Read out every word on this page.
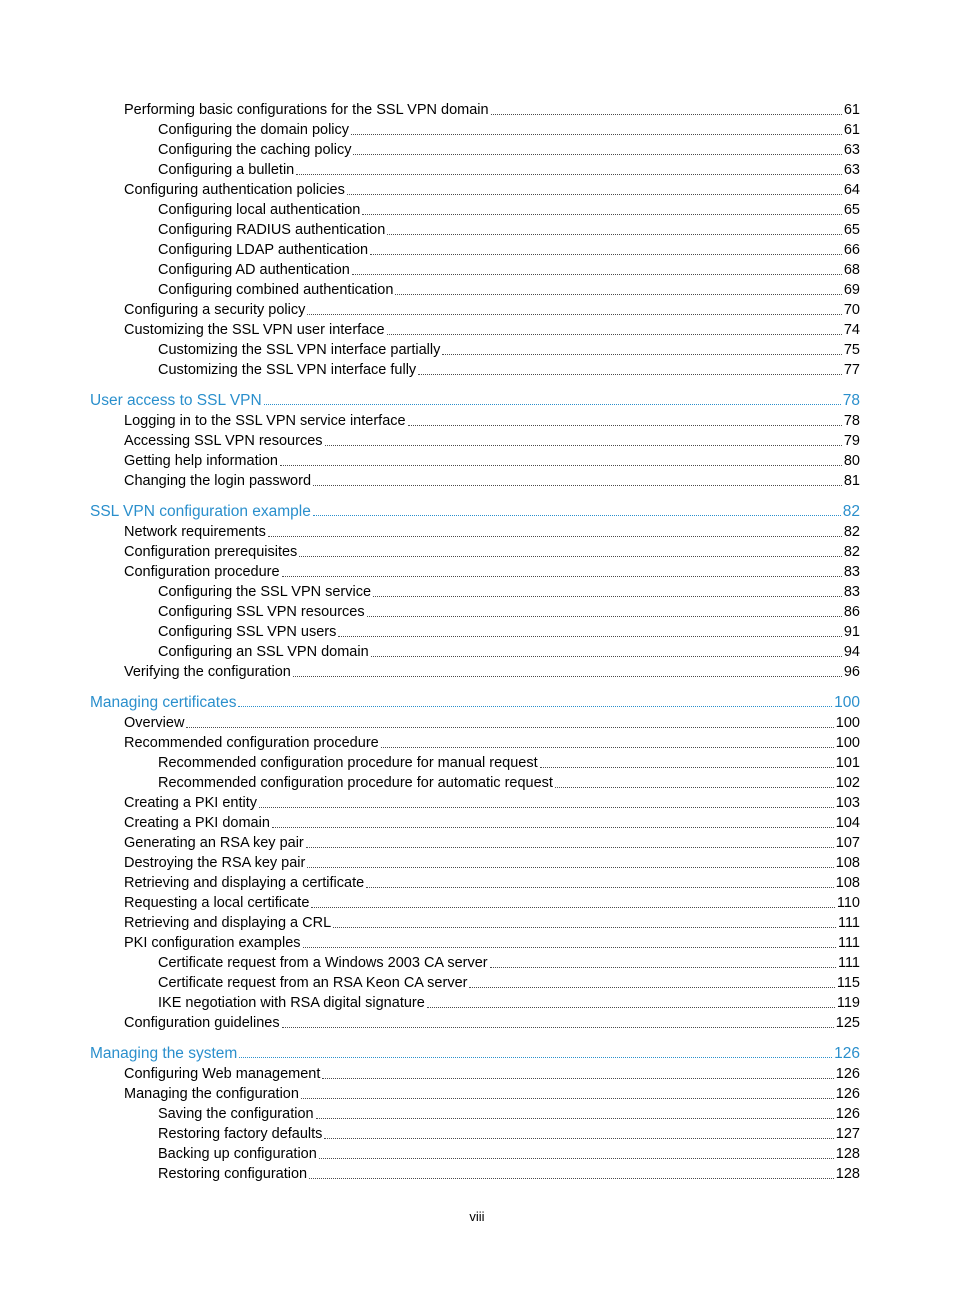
Performing basic configurations for the SSL VPN domain	61
Configuring the domain policy	61
Configuring the caching policy	63
Configuring a bulletin	63
Configuring authentication policies	64
Configuring local authentication	65
Configuring RADIUS authentication	65
Configuring LDAP authentication	66
Configuring AD authentication	68
Configuring combined authentication	69
Configuring a security policy	70
Customizing the SSL VPN user interface	74
Customizing the SSL VPN interface partially	75
Customizing the SSL VPN interface fully	77
User access to SSL VPN	78
Logging in to the SSL VPN service interface	78
Accessing SSL VPN resources	79
Getting help information	80
Changing the login password	81
SSL VPN configuration example	82
Network requirements	82
Configuration prerequisites	82
Configuration procedure	83
Configuring the SSL VPN service	83
Configuring SSL VPN resources	86
Configuring SSL VPN users	91
Configuring an SSL VPN domain	94
Verifying the configuration	96
Managing certificates	100
Overview	100
Recommended configuration procedure	100
Recommended configuration procedure for manual request	101
Recommended configuration procedure for automatic request	102
Creating a PKI entity	103
Creating a PKI domain	104
Generating an RSA key pair	107
Destroying the RSA key pair	108
Retrieving and displaying a certificate	108
Requesting a local certificate	110
Retrieving and displaying a CRL	111
PKI configuration examples	111
Certificate request from a Windows 2003 CA server	111
Certificate request from an RSA Keon CA server	115
IKE negotiation with RSA digital signature	119
Configuration guidelines	125
Managing the system	126
Configuring Web management	126
Managing the configuration	126
Saving the configuration	126
Restoring factory defaults	127
Backing up configuration	128
Restoring configuration	128
viii
